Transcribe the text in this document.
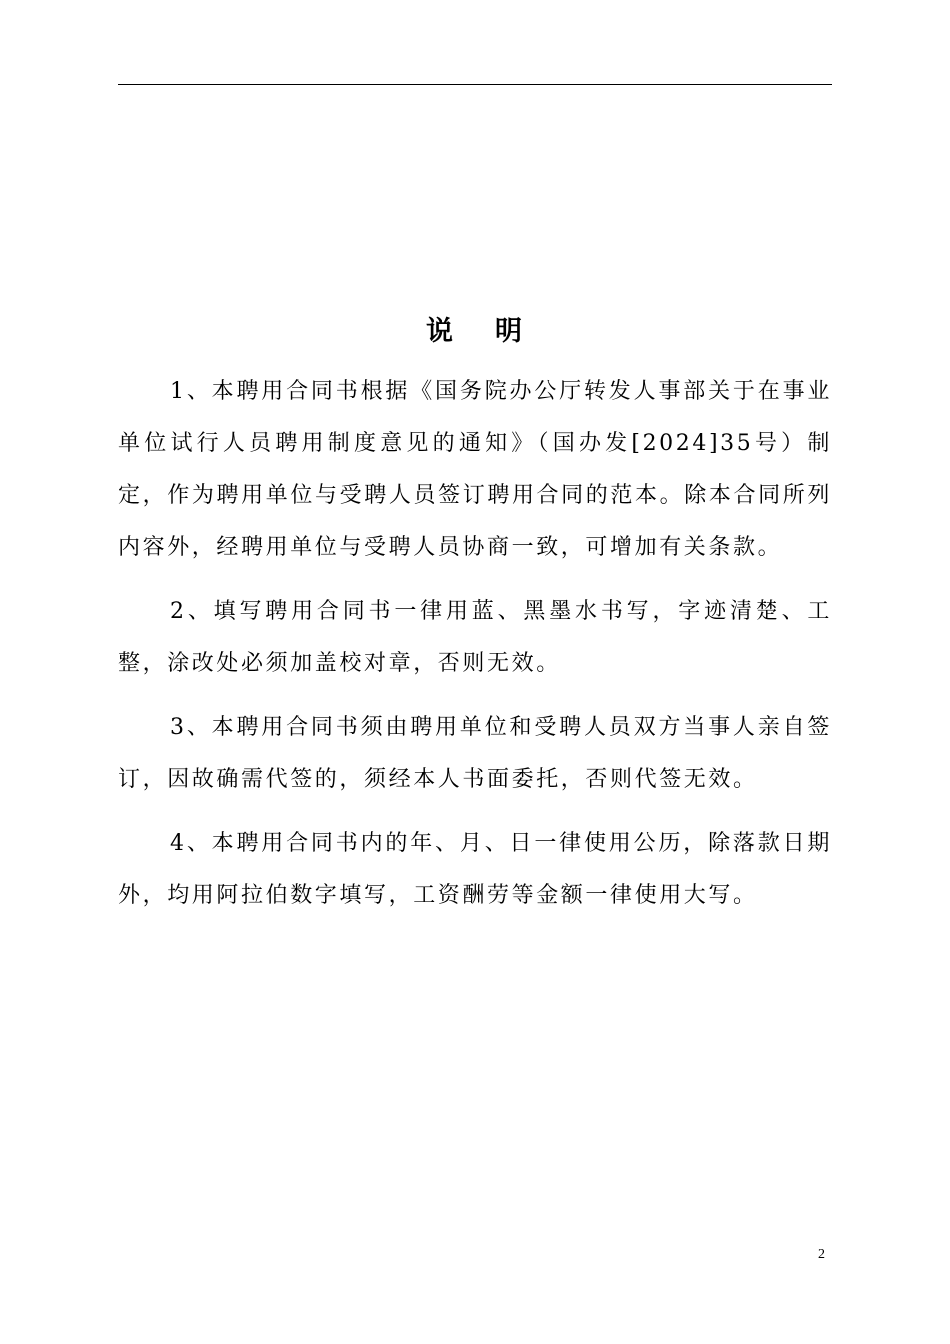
说 明

1、本聘用合同书根据《国务院办公厅转发人事部关于在事业单位试行人员聘用制度意见的通知》（国办发[2024]35号）制定，作为聘用单位与受聘人员签订聘用合同的范本。除本合同所列内容外，经聘用单位与受聘人员协商一致，可增加有关条款。

2、填写聘用合同书一律用蓝、黑墨水书写，字迹清楚、工整，涂改处必须加盖校对章，否则无效。

3、本聘用合同书须由聘用单位和受聘人员双方当事人亲自签订，因故确需代签的，须经本人书面委托，否则代签无效。

4、本聘用合同书内的年、月、日一律使用公历，除落款日期外，均用阿拉伯数字填写，工资酬劳等金额一律使用大写。

2
